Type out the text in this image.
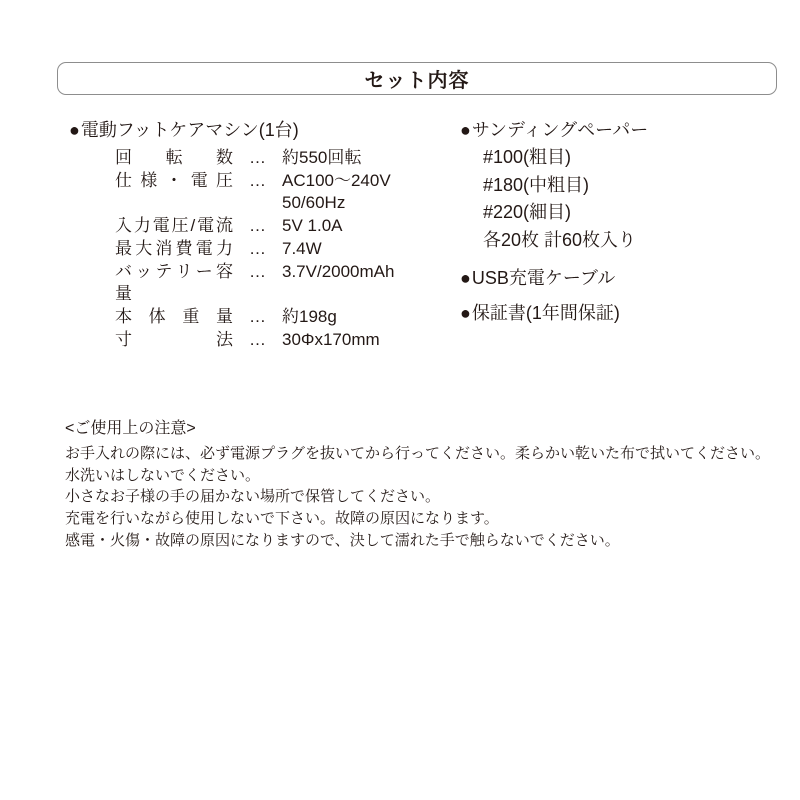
セット内容
●電動フットケアマシン(1台)
回転数 … 約550回転
仕様・電圧 … AC100～240V
50/60Hz
入力電圧/電流 … 5V 1.0A
最大消費電力 … 7.4W
バッテリー容量
… 3.7V/2000mAh
本体重量 … 約198g
寸法 … 30Φx170mm
●サンディングペーパー
#100(粗目)
#180(中粗目)
#220(細目)
各20枚 計60枚入り
●USB充電ケーブル
●保証書(1年間保証)
<ご使用上の注意>
お手入れの際には、必ず電源プラグを抜いてから行ってください。柔らかい乾いた布で拭いてください。
水洗いはしないでください。
小さなお子様の手の届かない場所で保管してください。
充電を行いながら使用しないで下さい。故障の原因になります。
感電・火傷・故障の原因になりますので、決して濡れた手で触らないでください。
